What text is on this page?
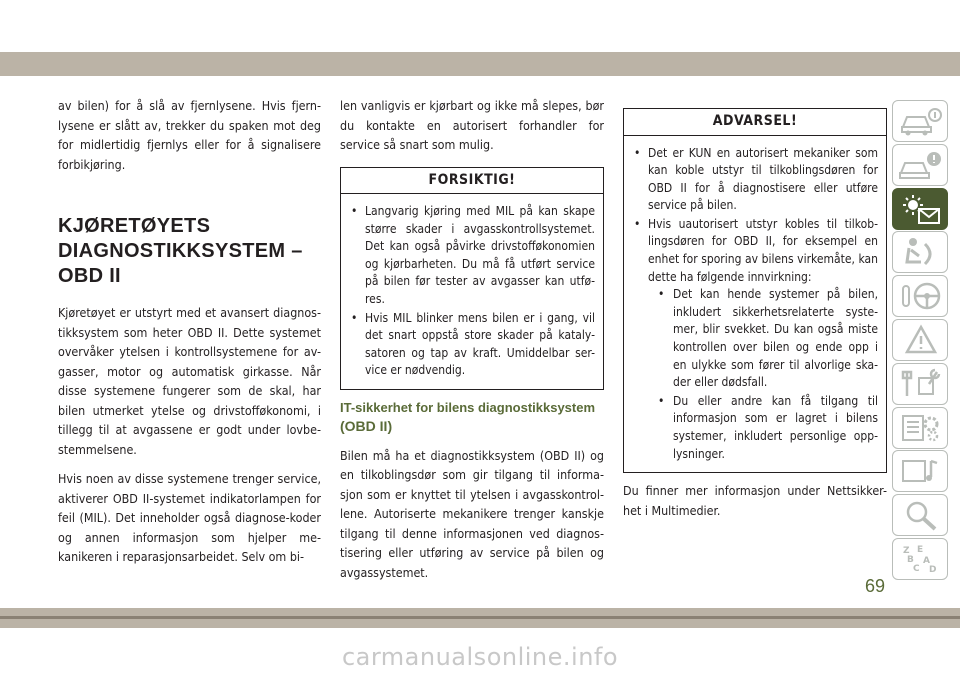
av bilen) for å slå av fjernlysene. Hvis fjern-lysene er slått av, trekker du spaken mot deg for midlertidig fjernlys eller for å signalisere forbikjøring.

KJØRETØYETS
DIAGNOSTIKKSYSTEM –
OBD II

Kjøretøyet er utstyrt med et avansert diagnos-tikksystem som heter OBD II. Dette systemet overvåker ytelsen i kontrollsystemene for av-gasser, motor og automatisk girkasse. Når disse systemene fungerer som de skal, har bilen utmerket ytelse og drivstofføkonomi, i tillegg til at avgassene er godt under lovbe-stemmelsene.

Hvis noen av disse systemene trenger service, aktiverer OBD II-systemet indikatorlampen for feil (MIL). Det inneholder også diagnose-koder og annen informasjon som hjelper me-kanikeren i reparasjonsarbeidet. Selv om bi-

len vanligvis er kjørbart og ikke må slepes, bør du kontakte en autorisert forhandler for service så snart som mulig.

FORSIKTIG!
• Langvarig kjøring med MIL på kan skape større skader i avgasskontrollsystemet. Det kan også påvirke drivstofføkonomien og kjørbarheten. Du må få utført service på bilen før tester av avgasser kan utfø-res.
• Hvis MIL blinker mens bilen er i gang, vil det snart oppstå store skader på kataly-satoren og tap av kraft. Umiddelbar ser-vice er nødvendig.
IT-sikkerhet for bilens diagnostikksystem
(OBD II)

Bilen må ha et diagnostikksystem (OBD II) og en tilkoblingsdør som gir tilgang til informa-sjon som er knyttet til ytelsen i avgasskontrol-lene. Autoriserte mekanikere trenger kanskje tilgang til denne informasjonen ved diagnos-tisering eller utføring av service på bilen og avgassystemet.

ADVARSEL!
• Det er KUN en autorisert mekaniker som kan koble utstyr til tilkoblingsdøren for OBD II for å diagnostisere eller utføre service på bilen.
• Hvis uautorisert utstyr kobles til tilkob-lingsdøren for OBD II, for eksempel en enhet for sporing av bilens virkemåte, kan dette ha følgende innvirkning:
• Det kan hende systemer på bilen, inkludert sikkerhetsrelaterte syste-mer, blir svekket. Du kan også miste kontrollen over bilen og ende opp i en ulykke som fører til alvorlige ska-der eller dødsfall.
• Du eller andre kan få tilgang til informasjon som er lagret i bilens systemer, inkludert personlige opp-lysninger.

Du finner mer informasjon under Nettsikker-het i Multimedier.

Z E
B A
C D
69
carmanualsonline.info
